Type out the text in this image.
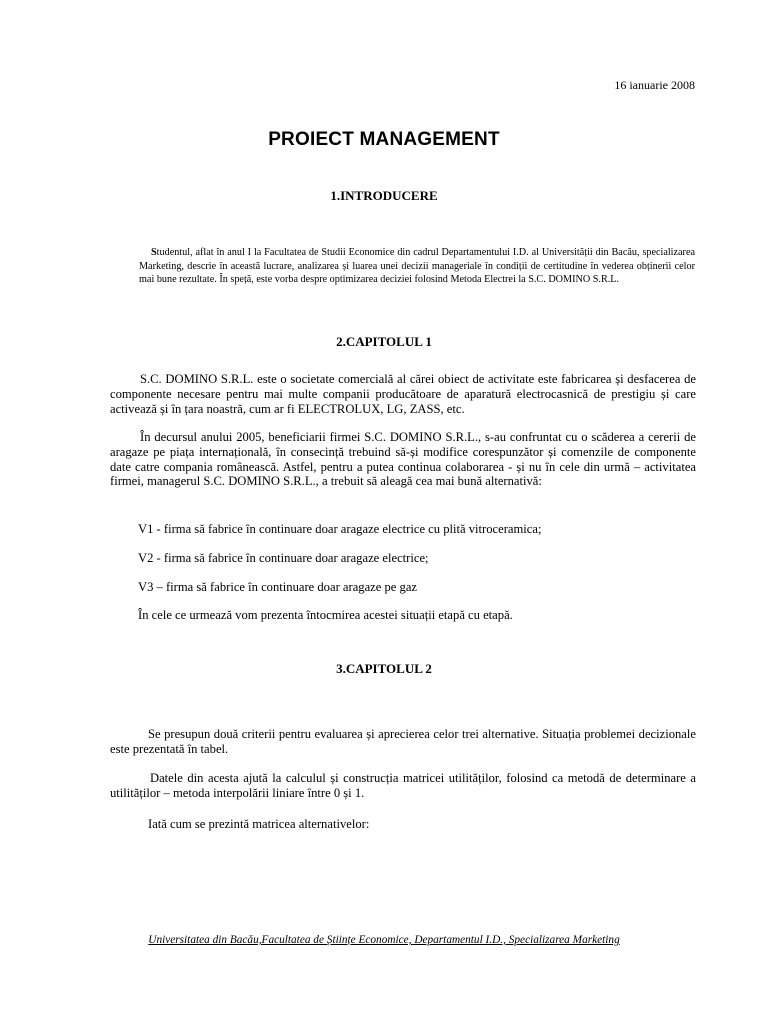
16 ianuarie 2008
PROIECT MANAGEMENT
1.INTRODUCERE
Studentul, aflat în anul I la Facultatea de Studii Economice din cadrul Departamentului I.D. al Universității din Bacău, specializarea Marketing, descrie în această lucrare, analizarea și luarea unei decizii manageriale în condiții de certitudine în vederea obținerii celor mai bune rezultate. În speță, este vorba despre optimizarea deciziei folosind Metoda Electrei la S.C. DOMINO S.R.L.
2.CAPITOLUL 1
S.C. DOMINO S.R.L. este o societate comercială al cărei obiect de activitate este fabricarea și desfacerea de componente necesare pentru mai multe companii producătoare de aparatură electrocasnică de prestigiu și care activează și în țara noastră, cum ar fi ELECTROLUX, LG, ZASS, etc.
În decursul anului 2005, beneficiarii firmei S.C. DOMINO S.R.L., s-au confruntat cu o scăderea a cererii de aragaze pe piața internațională, în consecință trebuind să-și modifice corespunzător și comenzile de componente date catre compania românească. Astfel, pentru a putea continua colaborarea - și nu în cele din urmă – activitatea firmei, managerul S.C. DOMINO S.R.L., a trebuit să aleagă cea mai bună alternativă:
V1 - firma să fabrice în continuare doar aragaze electrice cu plită vitroceramica;
V2 - firma să fabrice în continuare doar aragaze electrice;
V3 – firma să fabrice în continuare doar aragaze pe gaz
În cele ce urmează vom prezenta întocmirea acestei situații etapă cu etapă.
3.CAPITOLUL 2
Se presupun două criterii pentru evaluarea și aprecierea celor trei alternative. Situația problemei decizionale este prezentată în tabel.
Datele din acesta ajută la calculul și construcția matricei utilităților, folosind ca metodă de determinare a utilităților – metoda interpolării liniare între 0 și 1.
Iată cum se prezintă matricea alternativelor:
Universitatea din Bacău,Facultatea de Științe Economice, Departamentul I.D., Specializarea Marketing
